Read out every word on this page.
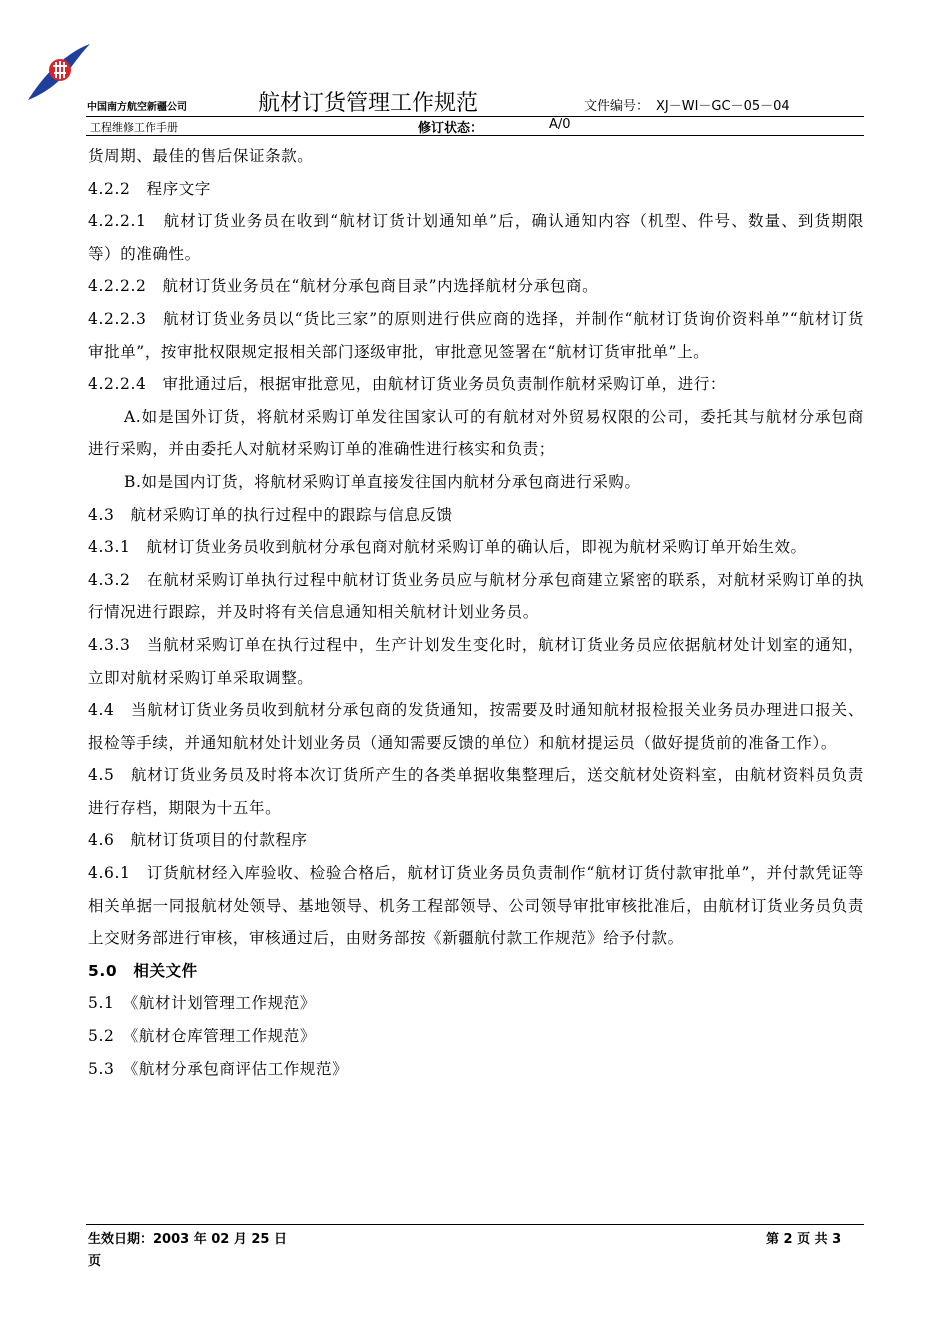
中国南方航空新疆公司	航材订货管理工作规范	文件编号： XJ－WI－GC－05－04
工程维修工作手册	修订状态：	A/0

货周期、最佳的售后保证条款。

4.2.2　程序文字

4.2.2.1　航材订货业务员在收到“航材订货计划通知单”后，确认通知内容（机型、件号、数量、到货期限等）的准确性。

4.2.2.2　航材订货业务员在“航材分承包商目录”内选择航材分承包商。

4.2.2.3　航材订货业务员以“货比三家”的原则进行供应商的选择，并制作“航材订货询价资料单”“航材订货审批单”，按审批权限规定报相关部门逐级审批，审批意见签署在“航材订货审批单”上。

4.2.2.4　审批通过后，根据审批意见，由航材订货业务员负责制作航材采购订单，进行：

A.如是国外订货，将航材采购订单发往国家认可的有航材对外贸易权限的公司，委托其与航材分承包商进行采购，并由委托人对航材采购订单的准确性进行核实和负责；

B.如是国内订货，将航材采购订单直接发往国内航材分承包商进行采购。

4.3　航材采购订单的执行过程中的跟踪与信息反馈

4.3.1　航材订货业务员收到航材分承包商对航材采购订单的确认后，即视为航材采购订单开始生效。

4.3.2　在航材采购订单执行过程中航材订货业务员应与航材分承包商建立紧密的联系，对航材采购订单的执行情况进行跟踪，并及时将有关信息通知相关航材计划业务员。

4.3.3　当航材采购订单在执行过程中，生产计划发生变化时，航材订货业务员应依据航材处计划室的通知，立即对航材采购订单采取调整。

4.4　当航材订货业务员收到航材分承包商的发货通知，按需要及时通知航材报检报关业务员办理进口报关、报检等手续，并通知航材处计划业务员（通知需要反馈的单位）和航材提运员（做好提货前的准备工作）。

4.5　航材订货业务员及时将本次订货所产生的各类单据收集整理后，送交航材处资料室，由航材资料员负责进行存档，期限为十五年。

4.6　航材订货项目的付款程序

4.6.1　订货航材经入库验收、检验合格后，航材订货业务员负责制作“航材订货付款审批单”，并付款凭证等相关单据一同报航材处领导、基地领导、机务工程部领导、公司领导审批审核批准后，由航材订货业务员负责上交财务部进行审核，审核通过后，由财务部按《新疆航付款工作规范》给予付款。

5.0　相关文件

5.1　《航材计划管理工作规范》

5.2　《航材仓库管理工作规范》

5.3　《航材分承包商评估工作规范》

生效日期：2003 年 02 月 25 日	第 2 页 共 3
页
